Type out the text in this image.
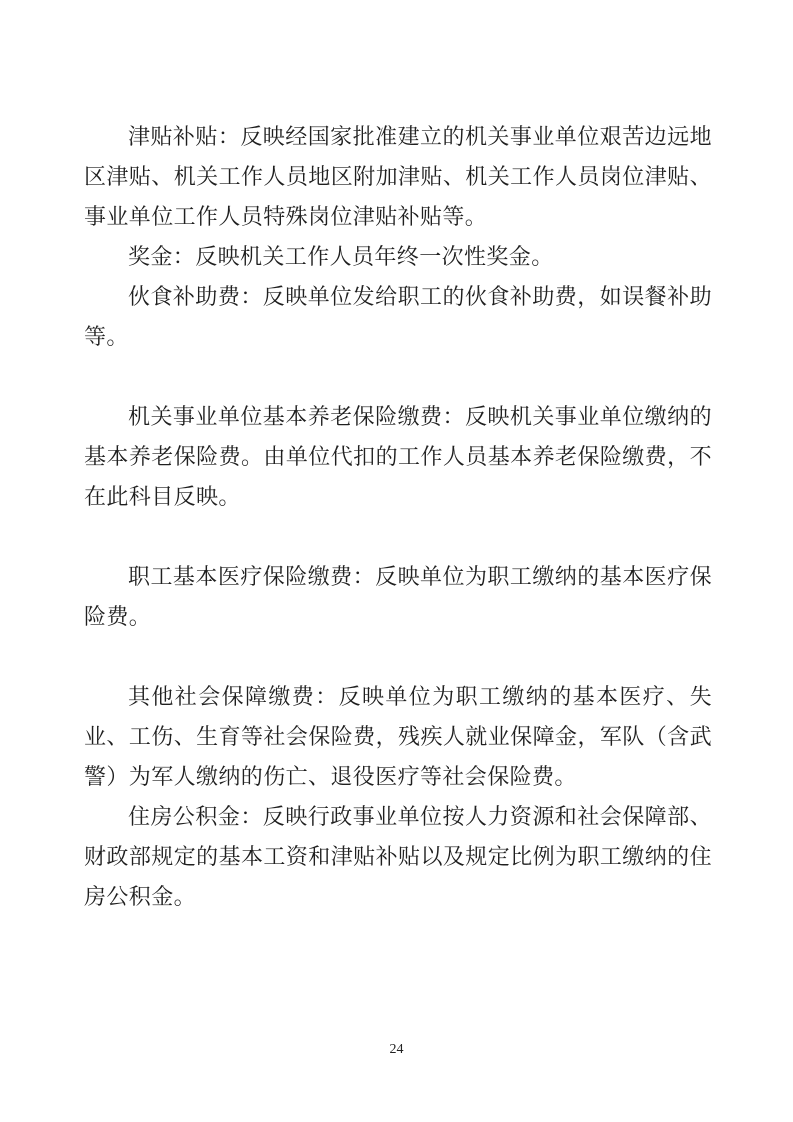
津贴补贴：反映经国家批准建立的机关事业单位艰苦边远地区津贴、机关工作人员地区附加津贴、机关工作人员岗位津贴、事业单位工作人员特殊岗位津贴补贴等。

奖金：反映机关工作人员年终一次性奖金。

伙食补助费：反映单位发给职工的伙食补助费，如误餐补助等。

机关事业单位基本养老保险缴费：反映机关事业单位缴纳的基本养老保险费。由单位代扣的工作人员基本养老保险缴费，不在此科目反映。

职工基本医疗保险缴费：反映单位为职工缴纳的基本医疗保险费。

其他社会保障缴费：反映单位为职工缴纳的基本医疗、失业、工伤、生育等社会保险费，残疾人就业保障金，军队（含武警）为军人缴纳的伤亡、退役医疗等社会保险费。

住房公积金：反映行政事业单位按人力资源和社会保障部、财政部规定的基本工资和津贴补贴以及规定比例为职工缴纳的住房公积金。

24
